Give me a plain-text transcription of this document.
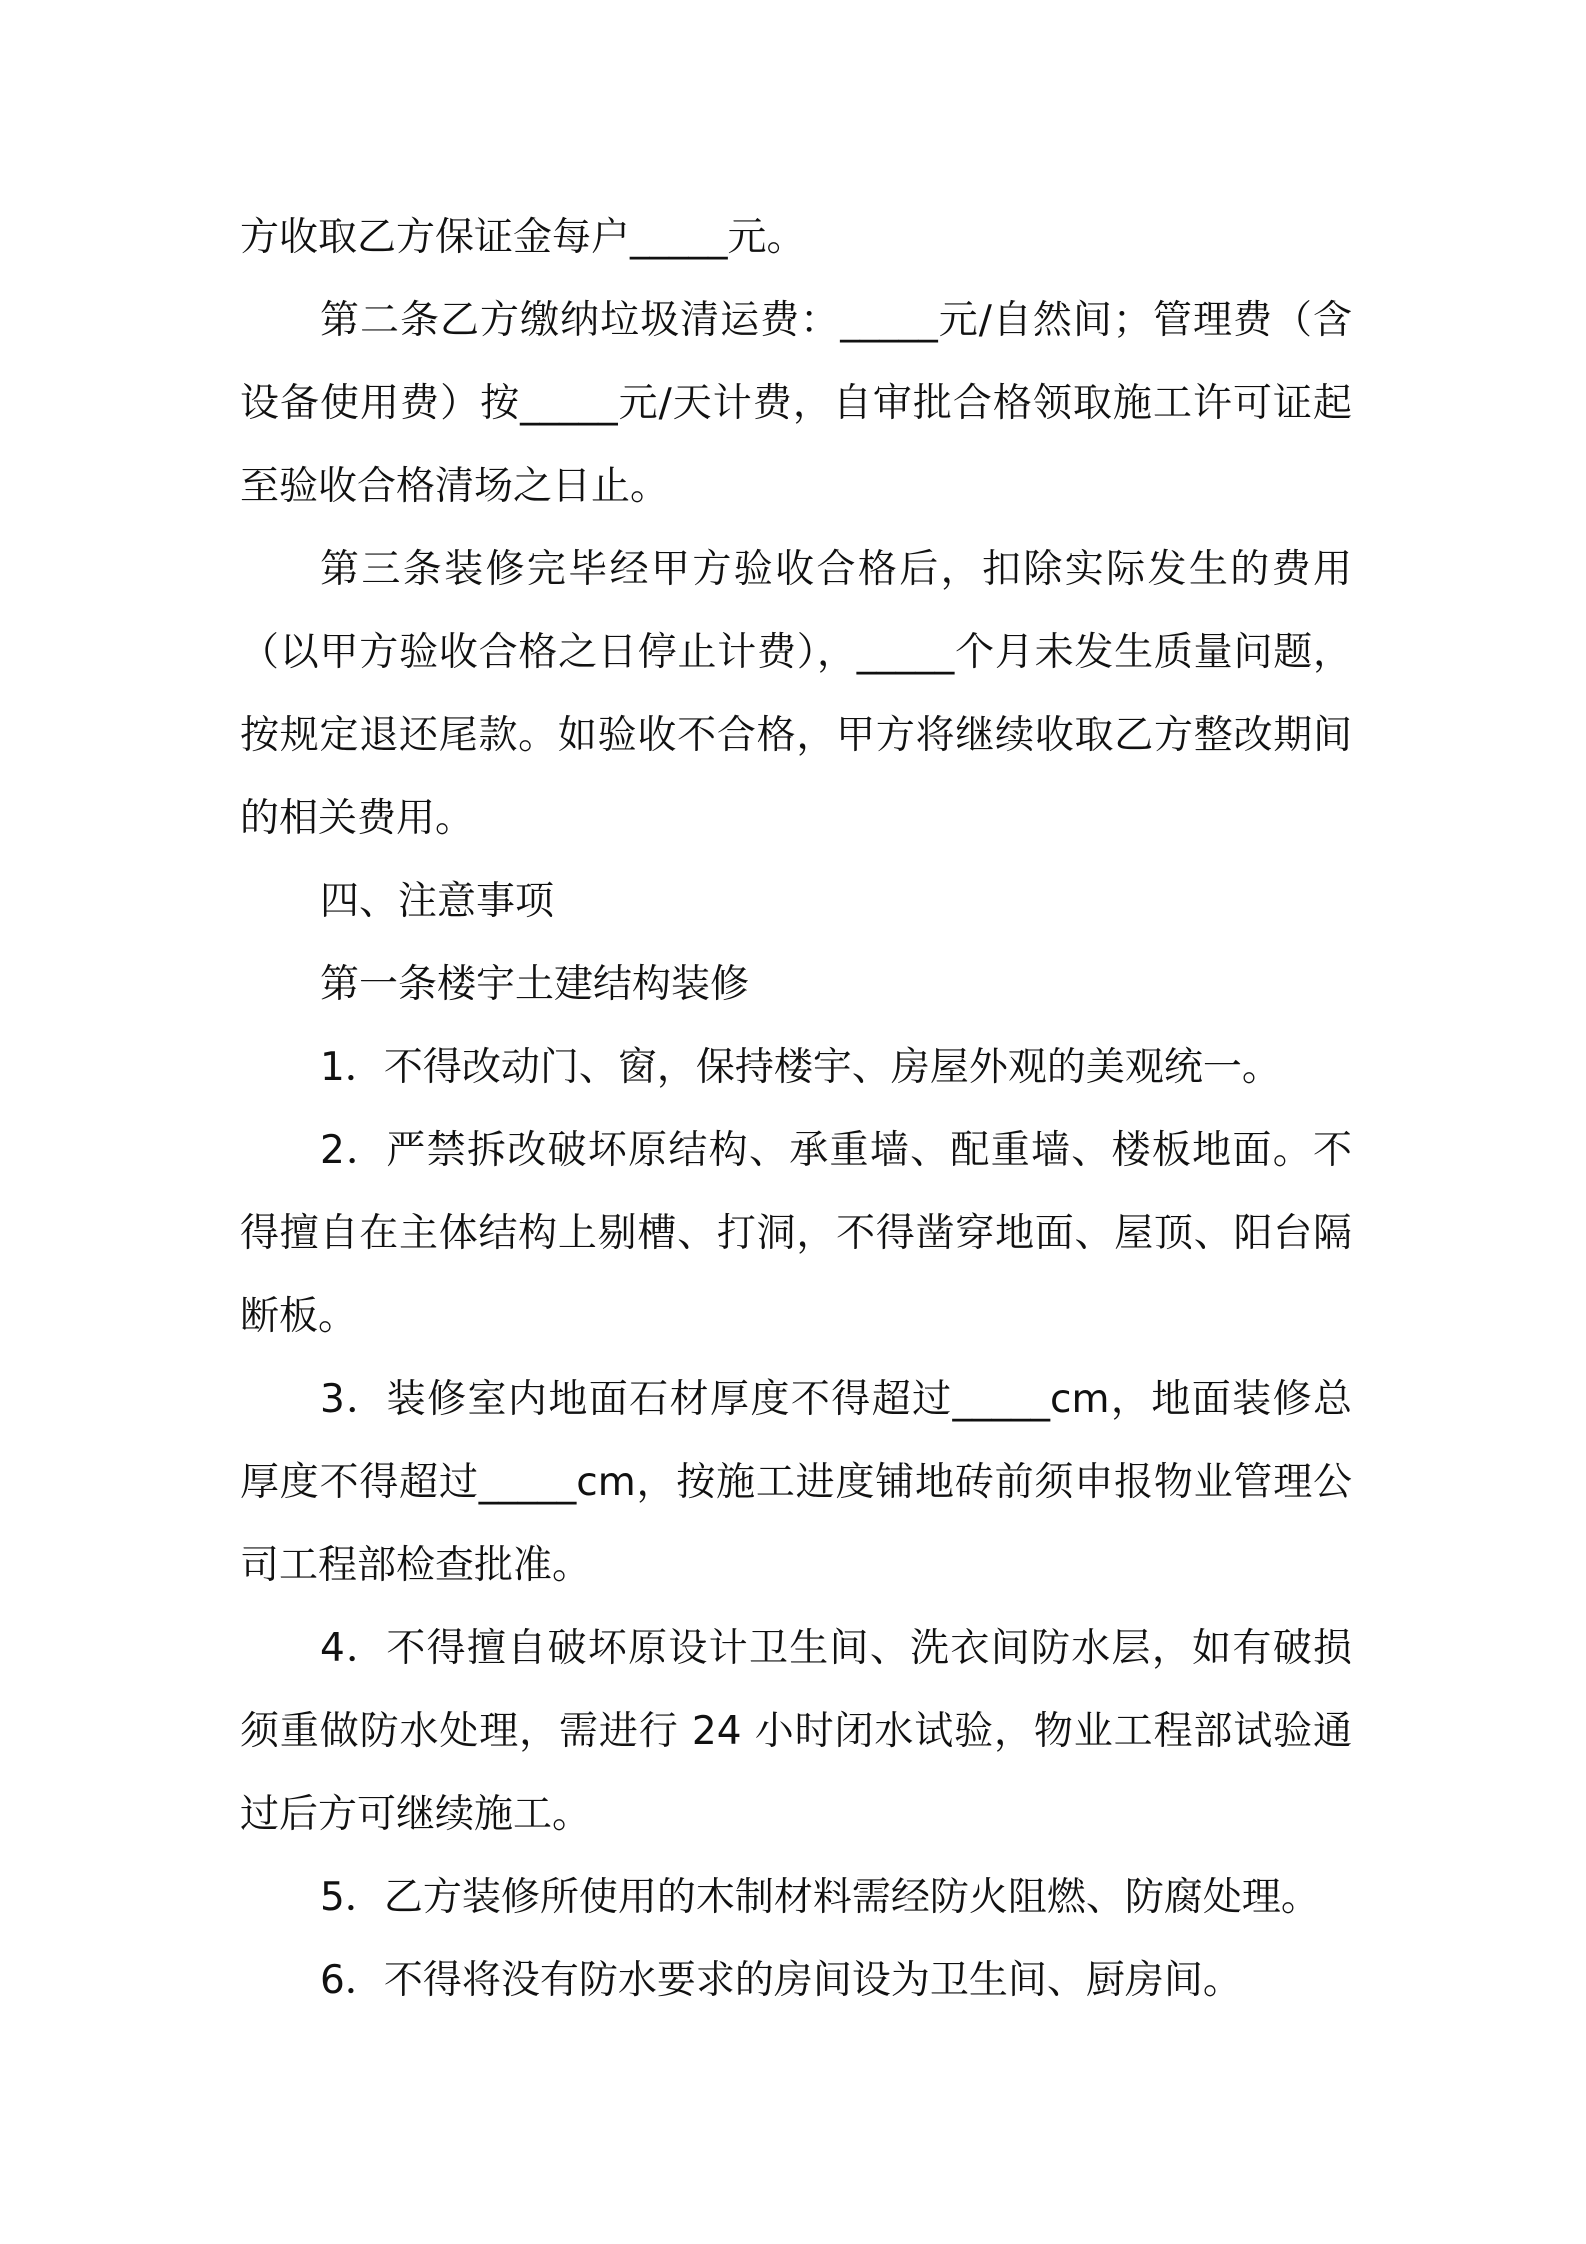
方收取乙方保证金每户_____元。

第二条乙方缴纳垃圾清运费：_____元/自然间；管理费（含设备使用费）按_____元/天计费，自审批合格领取施工许可证起至验收合格清场之日止。

第三条装修完毕经甲方验收合格后，扣除实际发生的费用（以甲方验收合格之日停止计费），_____个月未发生质量问题，按规定退还尾款。如验收不合格，甲方将继续收取乙方整改期间的相关费用。

四、注意事项

第一条楼宇土建结构装修

1．不得改动门、窗，保持楼宇、房屋外观的美观统一。

2．严禁拆改破坏原结构、承重墙、配重墙、楼板地面。不得擅自在主体结构上剔槽、打洞，不得凿穿地面、屋顶、阳台隔断板。

3．装修室内地面石材厚度不得超过_____cm，地面装修总厚度不得超过_____cm，按施工进度铺地砖前须申报物业管理公司工程部检查批准。

4．不得擅自破坏原设计卫生间、洗衣间防水层，如有破损须重做防水处理，需进行 24 小时闭水试验，物业工程部试验通过后方可继续施工。

5．乙方装修所使用的木制材料需经防火阻燃、防腐处理。

6．不得将没有防水要求的房间设为卫生间、厨房间。
